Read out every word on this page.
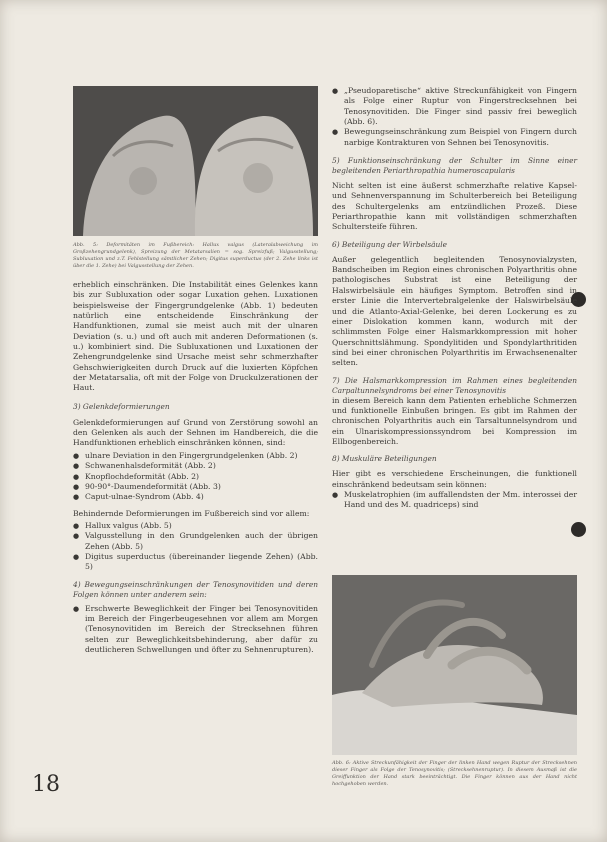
Abb. 5: Deformitäten im Fußbereich: Hallux valgus (Lateralabweichung im Großzehengrundgelenk), Spreizung der Metatarsalien = sog. Spreizfuß; Valgusstellung; Subluxation und z.T. Fehlstellung sämtlicher Zehen; Digitus superductus (der 2. Zehe links ist über die 1. Zehe) bei Valgusstellung der Zehen.

erheblich einschränken. Die Instabilität eines Gelenkes kann bis zur Subluxation oder sogar Luxation gehen. Luxationen beispielsweise der Fingergrundgelenke (Abb. 1) bedeuten natürlich eine entscheidende Einschränkung der Handfunktionen, zumal sie meist auch mit der ulnaren Deviation (s. u.) und oft auch mit anderen Deformationen (s. u.) kombiniert sind. Die Subluxationen und Luxationen der Zehengrundgelenke sind Ursache meist sehr schmerzhafter Gehschwierigkeiten durch Druck auf die luxierten Köpfchen der Metatarsalia, oft mit der Folge von Druckulzerationen der Haut.

3) Gelenkdeformierungen

Gelenkdeformierungen auf Grund von Zerstörung sowohl an den Gelenken als auch der Sehnen im Handbereich, die die Handfunktionen erheblich einschränken können, sind:

● ulnare Deviation in den Fingergrundgelenken (Abb. 2)
● Schwanenhalsdeformität (Abb. 2)
● Knopflochdeformität (Abb. 2)
● 90-90°-Daumendeformität (Abb. 3)
● Caput-ulnae-Syndrom (Abb. 4)

Behindernde Deformierungen im Fußbereich sind vor allem:

● Hallux valgus (Abb. 5)
● Valgusstellung in den Grundgelenken auch der übrigen Zehen (Abb. 5)
● Digitus superductus (übereinander liegende Zehen) (Abb. 5)

4) Bewegungseinschränkungen der Tenosynovitiden und deren Folgen können unter anderem sein:

● Erschwerte Beweglichkeit der Finger bei Tenosynovitiden im Bereich der Fingerbeugesehnen vor allem am Morgen (Tenosynovitiden im Bereich der Strecksehnen führen selten zur Beweglichkeitsbehinderung, aber dafür zu deutlicheren Schwellungen und öfter zu Sehnenrupturen).
● „Pseudoparetische“ aktive Streckunfähigkeit von Fingern als Folge einer Ruptur von Fingerstrecksehnen bei Tenosynovitiden. Die Finger sind passiv frei beweglich (Abb. 6).
● Bewegungseinschränkung zum Beispiel von Fingern durch narbige Kontrakturen von Sehnen bei Tenosynovitis.

5) Funktionseinschränkung der Schulter im Sinne einer begleitenden Periarthropathia humeroscapularis

Nicht selten ist eine äußerst schmerzhafte relative Kapsel- und Sehnenverspannung im Schulterbereich bei Beteiligung des Schultergelenks am entzündlichen Prozeß. Diese Periarthropathie kann mit vollständigen schmerzhaften Schultersteife führen.

6) Beteiligung der Wirbelsäule

Außer gelegentlich begleitenden Tenosynovialzysten, Bandscheiben im Region eines chronischen Polyarthritis ohne pathologisches Substrat ist eine Beteiligung der Halswirbelsäule ein häufiges Symptom. Betroffen sind in erster Linie die Intervertebralgelenke der Halswirbelsäule und die Atlanto-Axial-Gelenke, bei deren Lockerung es zu einer Dislokation kommen kann, wodurch mit der schlimmsten Folge einer Halsmarkkompression mit hoher Querschnittslähmung. Spondylitiden und Spondylarthritiden sind bei einer chronischen Polyarthritis im Erwachsenenalter selten.

7) Die Halsmarkkompression im Rahmen eines begleitenden Carpaltunnelsyndroms bei einer Tenosynovitis

in diesem Bereich kann dem Patienten erhebliche Schmerzen und funktionelle Einbußen bringen. Es gibt im Rahmen der chronischen Polyarthritis auch ein Tarsaltunnelsyndrom und ein Ulnariskompressionssyndrom bei Kompression im Ellbogenbereich.

8) Muskuläre Beteiligungen

Hier gibt es verschiedene Erscheinungen, die funktionell einschränkend bedeutsam sein können:

● Muskelatrophien (im auffallendsten der Mm. interossei der Hand und des M. quadriceps) sind
Abb. 6: Aktive Streckunfähigkeit der Finger der linken Hand wegen Ruptur der Strecksehnen dieser Finger als Folge der Tenosynovitis; (Strecksehnenruptur). In diesem Ausmaß ist die Greiffunktion der Hand stark beeinträchtigt. Die Finger können aus der Hand nicht hochgehoben werden.
18
